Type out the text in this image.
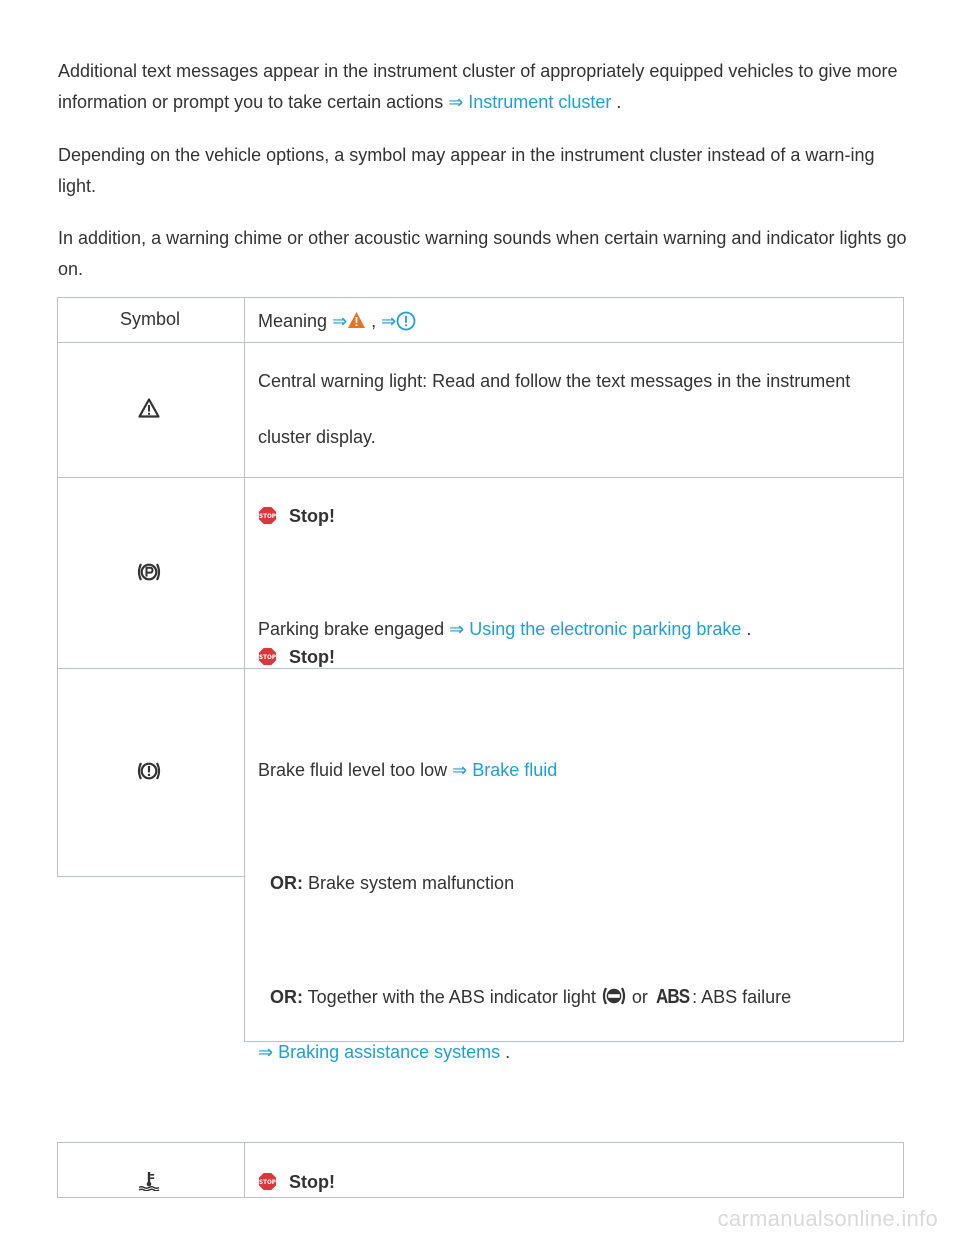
Additional text messages appear in the instrument cluster of appropriately equipped vehicles to give more information or prompt you to take certain actions ⇒ Instrument cluster .

Depending on the vehicle options, a symbol may appear in the instrument cluster instead of a warn-ing light.

In addition, a warning chime or other acoustic warning sounds when certain warning and indicator lights go on.

Symbol	Meaning ⇒ , ⇒
Central warning light: Read and follow the text messages in the instrument
cluster display.
STOP Stop!
Parking brake engaged ⇒ Using the electronic parking brake .
STOP Stop!
Brake fluid level too low ⇒ Brake fluid
OR: Brake system malfunction
OR: Together with the ABS indicator light  or ABS : ABS failure
⇒ Braking assistance systems .
STOP Stop!
carmanualsonline.info
